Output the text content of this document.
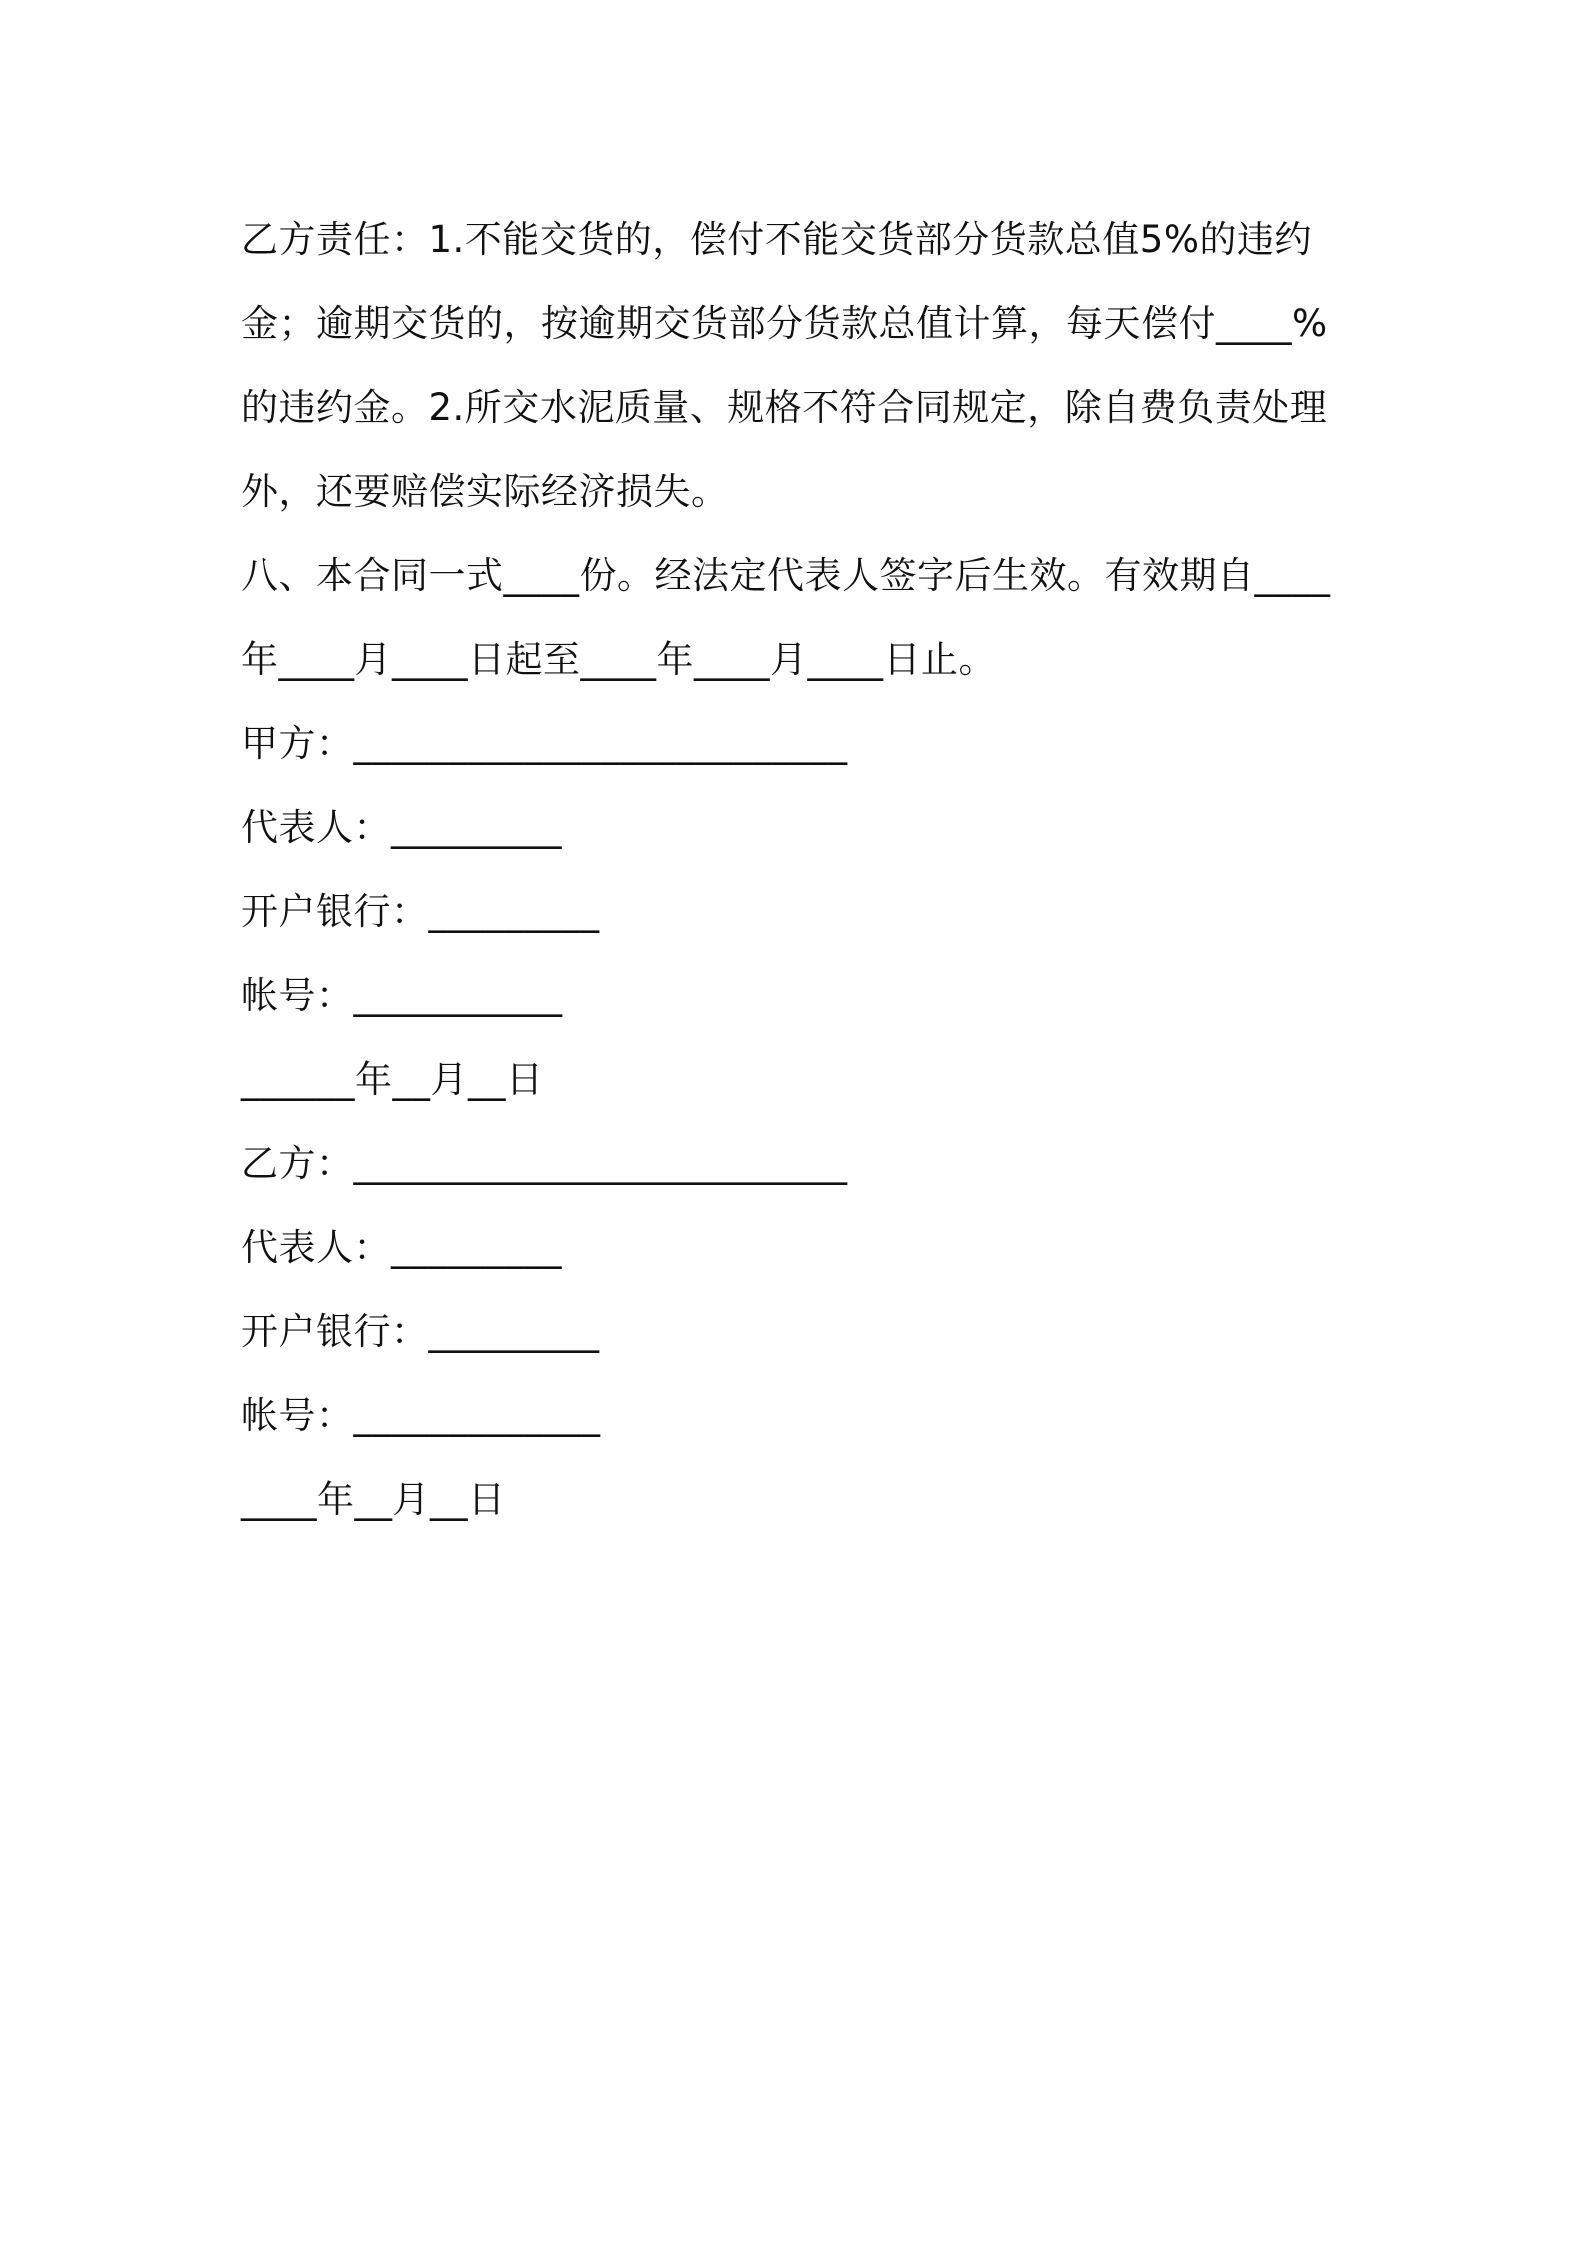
乙方责任：1.不能交货的，偿付不能交货部分货款总值5%的违约金；逾期交货的，按逾期交货部分货款总值计算，每天偿付____%的违约金。2.所交水泥质量、规格不符合同规定，除自费负责处理外，还要赔偿实际经济损失。

八、本合同一式____份。经法定代表人签字后生效。有效期自____年____月____日起至____年____月____日止。

甲方：__________________________

代表人：_________

开户银行：_________

帐号：___________

______年__月__日

乙方：__________________________

代表人：_________

开户银行：_________

帐号：_____________

____年__月__日
